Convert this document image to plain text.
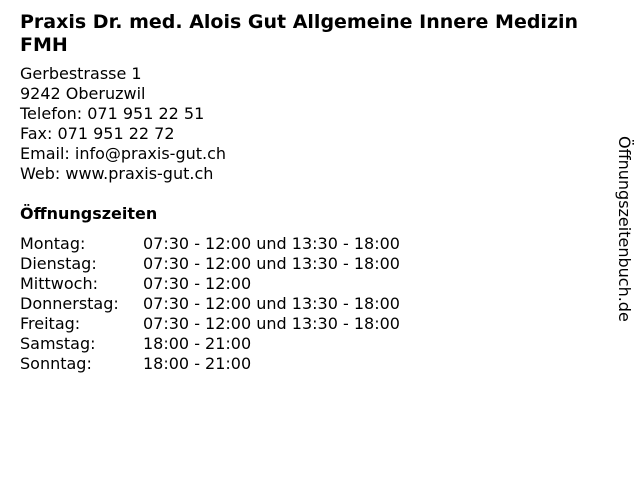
Praxis Dr. med. Alois Gut Allgemeine Innere Medizin FMH
Gerbestrasse 1
9242 Oberuzwil
Telefon: 071 951 22 51
Fax: 071 951 22 72
Email: info@praxis-gut.ch
Web: www.praxis-gut.ch
Öffnungszeiten
Montag:	07:30 - 12:00 und 13:30 - 18:00
Dienstag:	07:30 - 12:00 und 13:30 - 18:00
Mittwoch:	07:30 - 12:00
Donnerstag: 07:30 - 12:00 und 13:30 - 18:00
Freitag:	07:30 - 12:00 und 13:30 - 18:00
Samstag:	18:00 - 21:00
Sonntag:	18:00 - 21:00
Öffnungszeitenbuch.de
